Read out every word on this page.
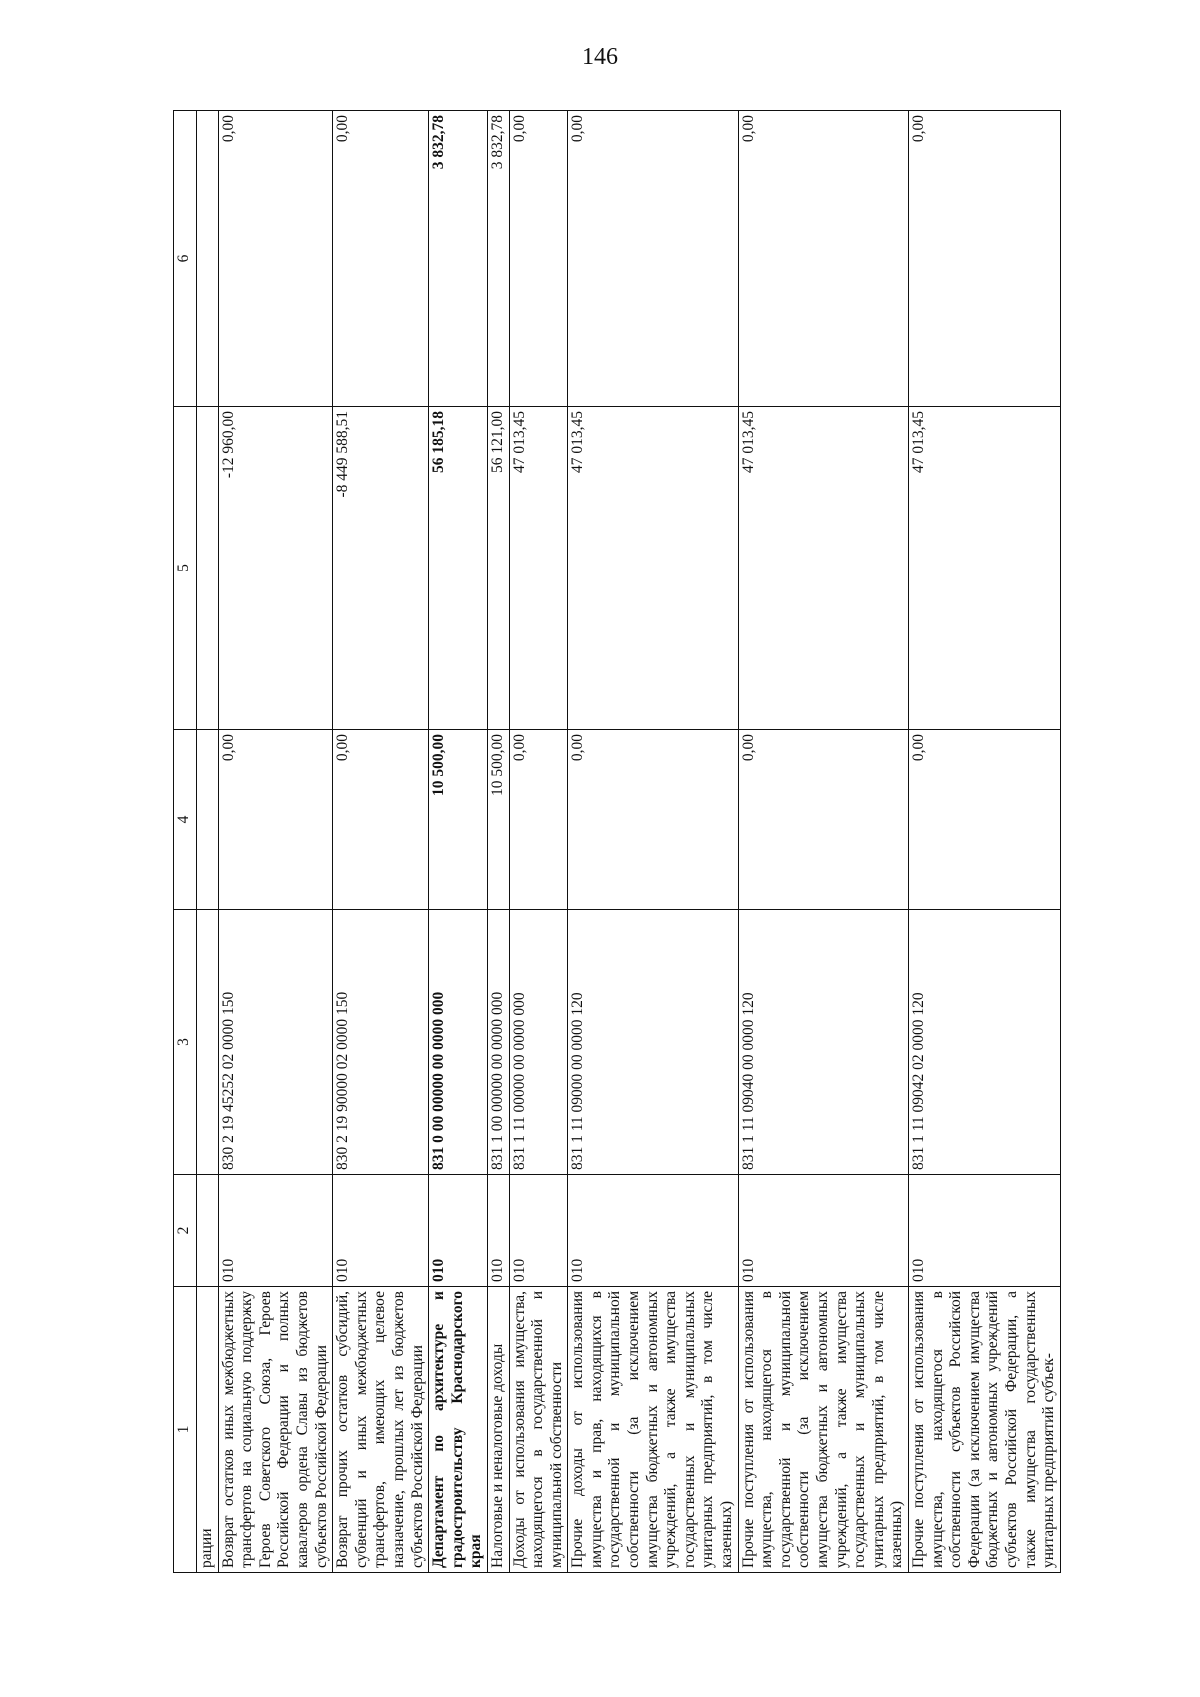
146
1	2	3	4	5	6
рации					
Возврат остатков иных межбюджетных трансфертов на социальную поддержку Героев Советского Союза, Героев Российской Федерации и полных кавалеров ордена Славы из бюджетов субъектов Российской Федерации	010	830 2 19 45252 02 0000 150	0,00	-12 960,00	0,00
Возврат прочих остатков субсидий, субвенций и иных межбюджетных трансфертов, имеющих целевое назначение, прошлых лет из бюджетов субъектов Российской Федерации	010	830 2 19 90000 02 0000 150	0,00	-8 449 588,51	0,00
Департамент по архитектуре и градостроительству Краснодарского края	010	831 0 00 00000 00 0000 000	10 500,00	56 185,18	3 832,78
Налоговые и неналоговые доходы	010	831 1 00 00000 00 0000 000	10 500,00	56 121,00	3 832,78
Доходы от использования имущества, находящегося в государственной и муниципальной собственности	010	831 1 11 00000 00 0000 000	0,00	47 013,45	0,00
Прочие доходы от использования имущества и прав, находящихся в государственной и муниципальной собственности (за исключением имущества бюджетных и автономных учреждений, а также имущества государственных и муниципальных унитарных предприятий, в том числе казенных)	010	831 1 11 09000 00 0000 120	0,00	47 013,45	0,00
Прочие поступления от использования имущества, находящегося в государственной и муниципальной собственности (за исключением имущества бюджетных и автономных учреждений, а также имущества государственных и муниципальных унитарных предприятий, в том числе казенных)	010	831 1 11 09040 00 0000 120	0,00	47 013,45	0,00
Прочие поступления от использования имущества, находящегося в собственности субъектов Российской Федерации (за исключением имущества бюджетных и автономных учреждений субъектов Российской Федерации, а также имущества государственных унитарных предприятий субъек-	010	831 1 11 09042 02 0000 120	0,00	47 013,45	0,00
